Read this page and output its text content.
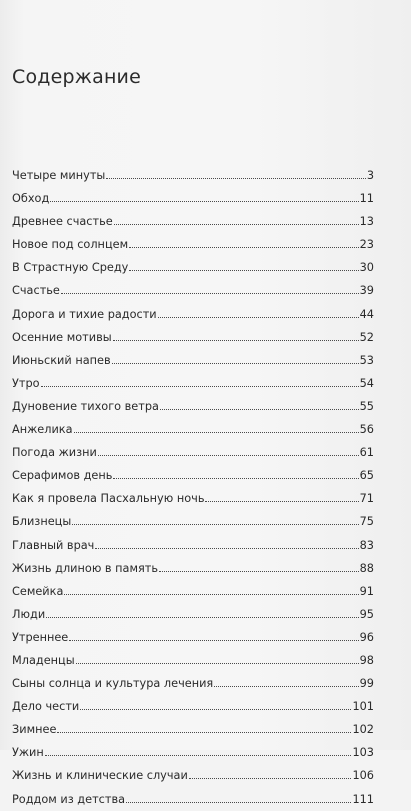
Содержание
Четыре минуты	3
Обход	11
Древнее счастье	13
Новое под солнцем	23
В Страстную Среду	30
Счастье	39
Дорога и тихие радости	44
Осенние мотивы	52
Июньский напев	53
Утро	54
Дуновение тихого ветра	55
Анжелика	56
Погода жизни	61
Серафимов день	65
Как я провела Пасхальную ночь	71
Близнецы	75
Главный врач	83
Жизнь длиною в память	88
Семейка	91
Люди	95
Утреннее	96
Младенцы	98
Сыны солнца и культура лечения	99
Дело чести	101
Зимнее	102
Ужин	103
Жизнь и клинические случаи	106
Роддом из детства	111
